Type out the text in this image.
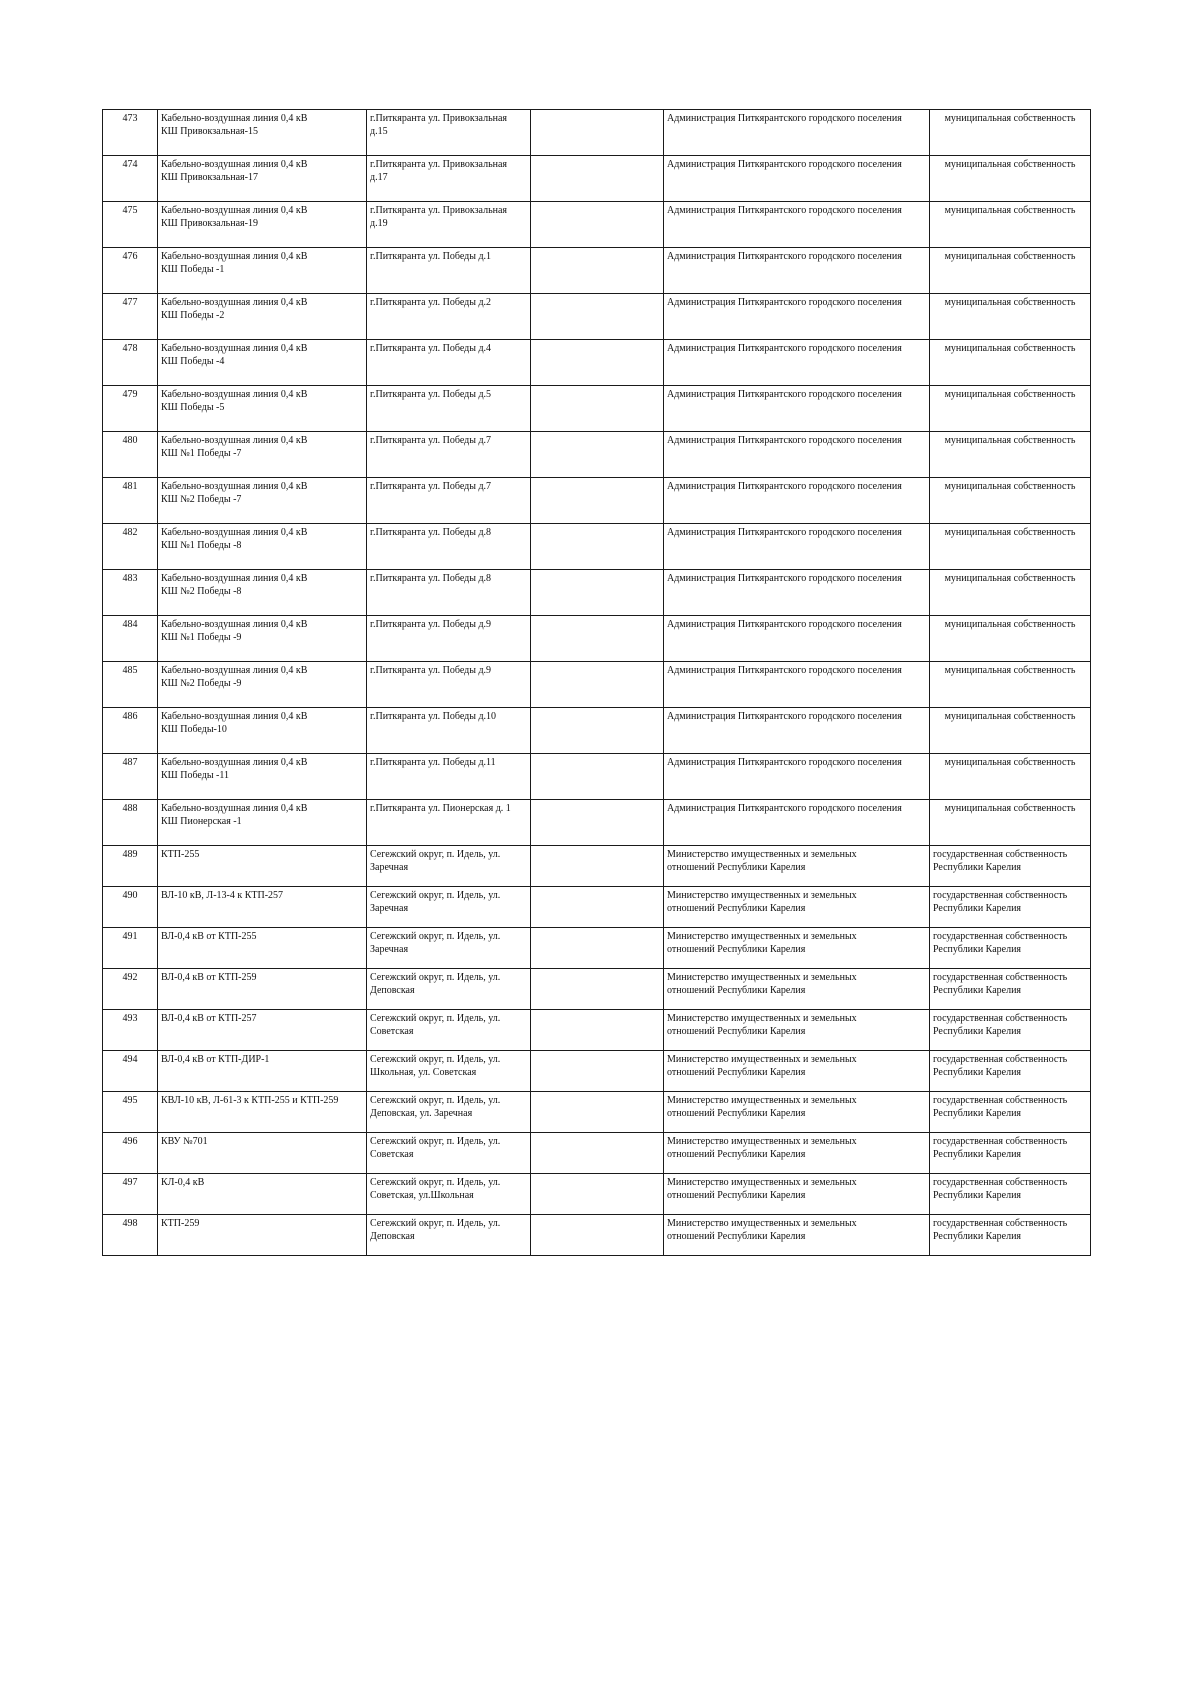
473	Кабельно-воздушная линия 0,4 кВ
КШ Привокзальная-15	г.Питкяранта ул. Привокзальная
д.15		Администрация Питкярантского городского поселения	муниципальная собственность

474	Кабельно-воздушная линия 0,4 кВ
КШ Привокзальная-17	г.Питкяранта ул. Привокзальная
д.17		Администрация Питкярантского городского поселения	муниципальная собственность

475	Кабельно-воздушная линия 0,4 кВ
КШ Привокзальная-19	г.Питкяранта ул. Привокзальная
д.19		Администрация Питкярантского городского поселения	муниципальная собственность

476	Кабельно-воздушная линия 0,4 кВ
КШ Победы -1	г.Питкяранта ул. Победы д.1		Администрация Питкярантского городского поселения	муниципальная собственность

477	Кабельно-воздушная линия 0,4 кВ
КШ Победы -2	г.Питкяранта ул. Победы д.2		Администрация Питкярантского городского поселения	муниципальная собственность

478	Кабельно-воздушная линия 0,4 кВ
КШ Победы -4	г.Питкяранта ул. Победы д.4		Администрация Питкярантского городского поселения	муниципальная собственность

479	Кабельно-воздушная линия 0,4 кВ
КШ Победы -5	г.Питкяранта ул. Победы д.5		Администрация Питкярантского городского поселения	муниципальная собственность

480	Кабельно-воздушная линия 0,4 кВ
КШ №1 Победы -7	г.Питкяранта ул. Победы д.7		Администрация Питкярантского городского поселения	муниципальная собственность

481	Кабельно-воздушная линия 0,4 кВ
КШ №2 Победы -7	г.Питкяранта ул. Победы д.7		Администрация Питкярантского городского поселения	муниципальная собственность

482	Кабельно-воздушная линия 0,4 кВ
КШ №1 Победы -8	г.Питкяранта ул. Победы д.8		Администрация Питкярантского городского поселения	муниципальная собственность

483	Кабельно-воздушная линия 0,4 кВ
КШ №2 Победы -8	г.Питкяранта ул. Победы д.8		Администрация Питкярантского городского поселения	муниципальная собственность

484	Кабельно-воздушная линия 0,4 кВ
КШ №1 Победы -9	г.Питкяранта ул. Победы д.9		Администрация Питкярантского городского поселения	муниципальная собственность

485	Кабельно-воздушная линия 0,4 кВ
КШ №2 Победы -9	г.Питкяранта ул. Победы д.9		Администрация Питкярантского городского поселения	муниципальная собственность

486	Кабельно-воздушная линия 0,4 кВ
КШ Победы-10	г.Питкяранта ул. Победы д.10		Администрация Питкярантского городского поселения	муниципальная собственность

487	Кабельно-воздушная линия 0,4 кВ
КШ Победы -11	г.Питкяранта ул. Победы д.11		Администрация Питкярантского городского поселения	муниципальная собственность

488	Кабельно-воздушная линия 0,4 кВ
КШ Пионерская -1	г.Питкяранта ул. Пионерская д. 1		Администрация Питкярантского городского поселения	муниципальная собственность

489	КТП-255	Сегежский округ, п. Идель, ул.
Заречная		Министерство имущественных и земельных
отношений Республики Карелия	государственная собственность
Республики Карелия

490	ВЛ-10 кВ, Л-13-4 к КТП-257	Сегежский округ, п. Идель, ул.
Заречная		Министерство имущественных и земельных
отношений Республики Карелия	государственная собственность
Республики Карелия

491	ВЛ-0,4 кВ от КТП-255	Сегежский округ, п. Идель, ул.
Заречная		Министерство имущественных и земельных
отношений Республики Карелия	государственная собственность
Республики Карелия

492	ВЛ-0,4 кВ от КТП-259	Сегежский округ, п. Идель, ул.
Деповская		Министерство имущественных и земельных
отношений Республики Карелия	государственная собственность
Республики Карелия

493	ВЛ-0,4 кВ от КТП-257	Сегежский округ, п. Идель, ул.
Советская		Министерство имущественных и земельных
отношений Республики Карелия	государственная собственность
Республики Карелия

494	ВЛ-0,4 кВ от КТП-ДИР-1	Сегежский округ, п. Идель, ул.
Школьная, ул. Советская		Министерство имущественных и земельных
отношений Республики Карелия	государственная собственность
Республики Карелия

495	КВЛ-10 кВ, Л-61-3 к КТП-255 и КТП-259	Сегежский округ, п. Идель, ул.
Деповская, ул. Заречная		Министерство имущественных и земельных
отношений Республики Карелия	государственная собственность
Республики Карелия

496	КВУ №701	Сегежский округ, п. Идель, ул.
Советская		Министерство имущественных и земельных
отношений Республики Карелия	государственная собственность
Республики Карелия

497	КЛ-0,4 кВ	Сегежский округ, п. Идель, ул.
Советская, ул.Школьная		Министерство имущественных и земельных
отношений Республики Карелия	государственная собственность
Республики Карелия

498	КТП-259	Сегежский округ, п. Идель, ул.
Деповская		Министерство имущественных и земельных
отношений Республики Карелия	государственная собственность
Республики Карелия
